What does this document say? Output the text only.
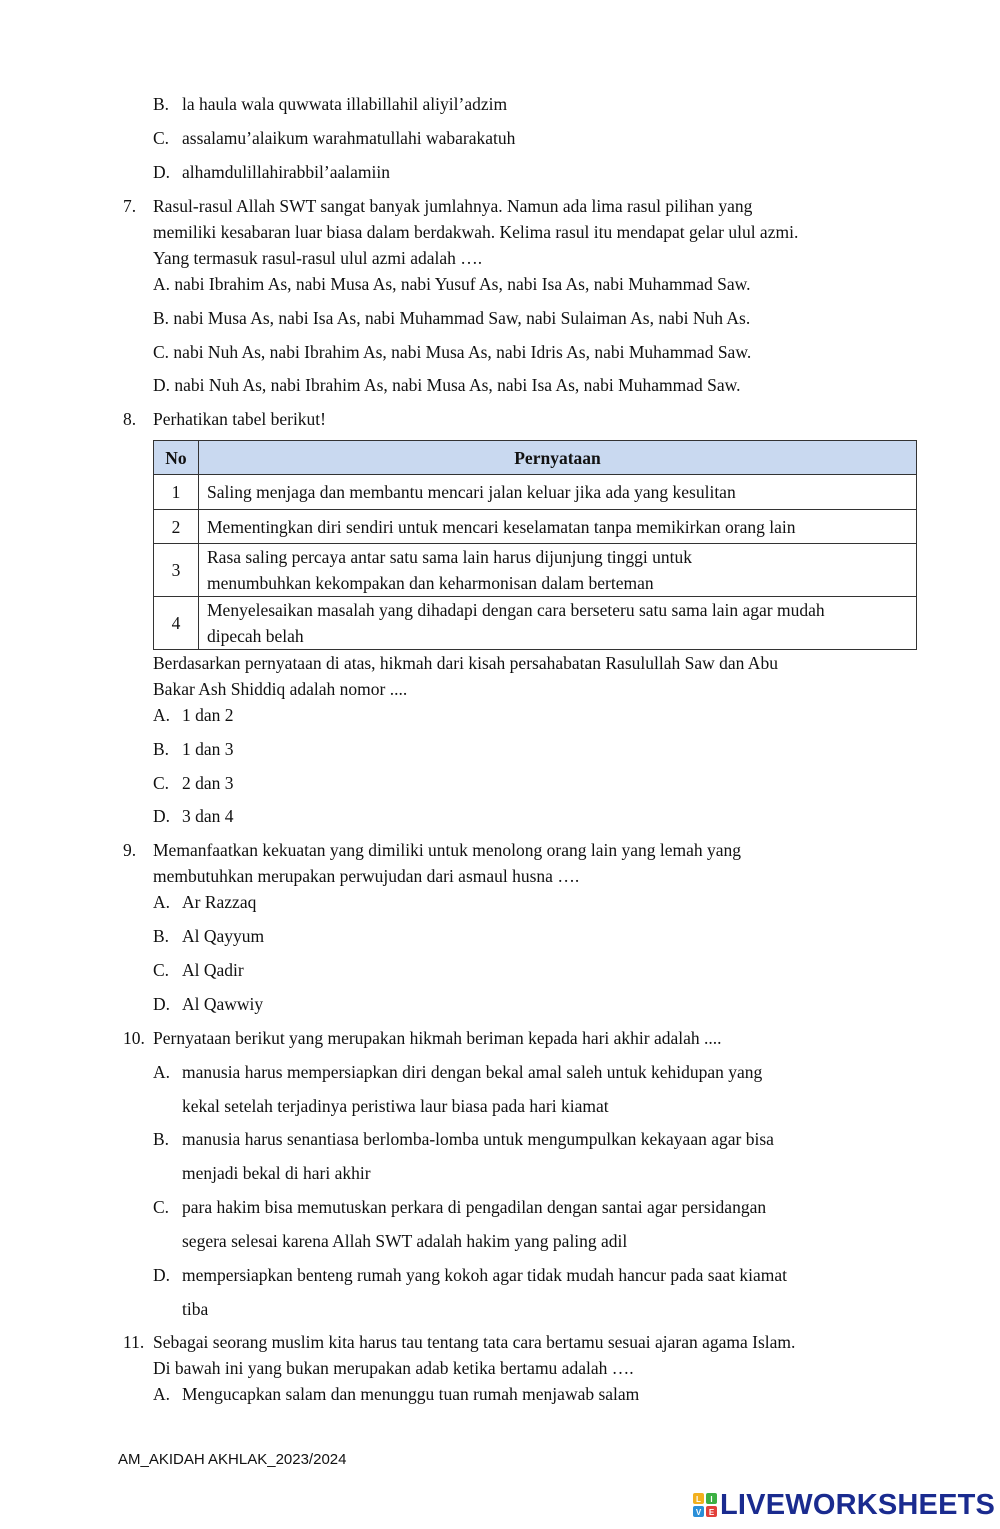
B. la haula wala quwwata illabillahil aliyil’adzim
C. assalamu’alaikum warahmatullahi wabarakatuh
D. alhamdulillahirabbil’aalamiin
7. Rasul-rasul Allah SWT sangat banyak jumlahnya. Namun ada lima rasul pilihan yang
memiliki kesabaran luar biasa dalam berdakwah. Kelima rasul itu mendapat gelar ulul azmi.
Yang termasuk rasul-rasul ulul azmi adalah ….
A. nabi Ibrahim As, nabi Musa As, nabi Yusuf As, nabi Isa As, nabi Muhammad Saw.
B. nabi Musa As, nabi Isa As, nabi Muhammad Saw, nabi Sulaiman As, nabi Nuh As.
C. nabi Nuh As, nabi Ibrahim As, nabi Musa As, nabi Idris As, nabi Muhammad Saw.
D. nabi Nuh As, nabi Ibrahim As, nabi Musa As, nabi Isa As, nabi Muhammad Saw.
8. Perhatikan tabel berikut!
No	Pernyataan
1	Saling menjaga dan membantu mencari jalan keluar jika ada yang kesulitan
2	Mementingkan diri sendiri untuk mencari keselamatan tanpa memikirkan orang lain
3	Rasa saling percaya antar satu sama lain harus dijunjung tinggi untuk
menumbuhkan kekompakan dan keharmonisan dalam berteman

4	Menyelesaikan masalah yang dihadapi dengan cara berseteru satu sama lain agar mudah
dipecah belah
Berdasarkan pernyataan di atas, hikmah dari kisah persahabatan Rasulullah Saw dan Abu
Bakar Ash Shiddiq adalah nomor ....
A. 1 dan 2
B. 1 dan 3
C. 2 dan 3
D. 3 dan 4
9. Memanfaatkan kekuatan yang dimiliki untuk menolong orang lain yang lemah yang
membutuhkan merupakan perwujudan dari asmaul husna ….
A. Ar Razzaq
B. Al Qayyum
C. Al Qadir
D. Al Qawwiy
10. Pernyataan berikut yang merupakan hikmah beriman kepada hari akhir adalah ....
A. manusia harus mempersiapkan diri dengan bekal amal saleh untuk kehidupan yang
kekal setelah terjadinya peristiwa laur biasa pada hari kiamat
B. manusia harus senantiasa berlomba-lomba untuk mengumpulkan kekayaan agar bisa
menjadi bekal di hari akhir
C. para hakim bisa memutuskan perkara di pengadilan dengan santai agar persidangan
segera selesai karena Allah SWT adalah hakim yang paling adil
D. mempersiapkan benteng rumah yang kokoh agar tidak mudah hancur pada saat kiamat
tiba
11. Sebagai seorang muslim kita harus tau tentang tata cara bertamu sesuai ajaran agama Islam.
Di bawah ini yang bukan merupakan adab ketika bertamu adalah ….
A. Mengucapkan salam dan menunggu tuan rumah menjawab salam
AM_AKIDAH AKHLAK_2023/2024
L I
V E LIVEWORKSHEETS
